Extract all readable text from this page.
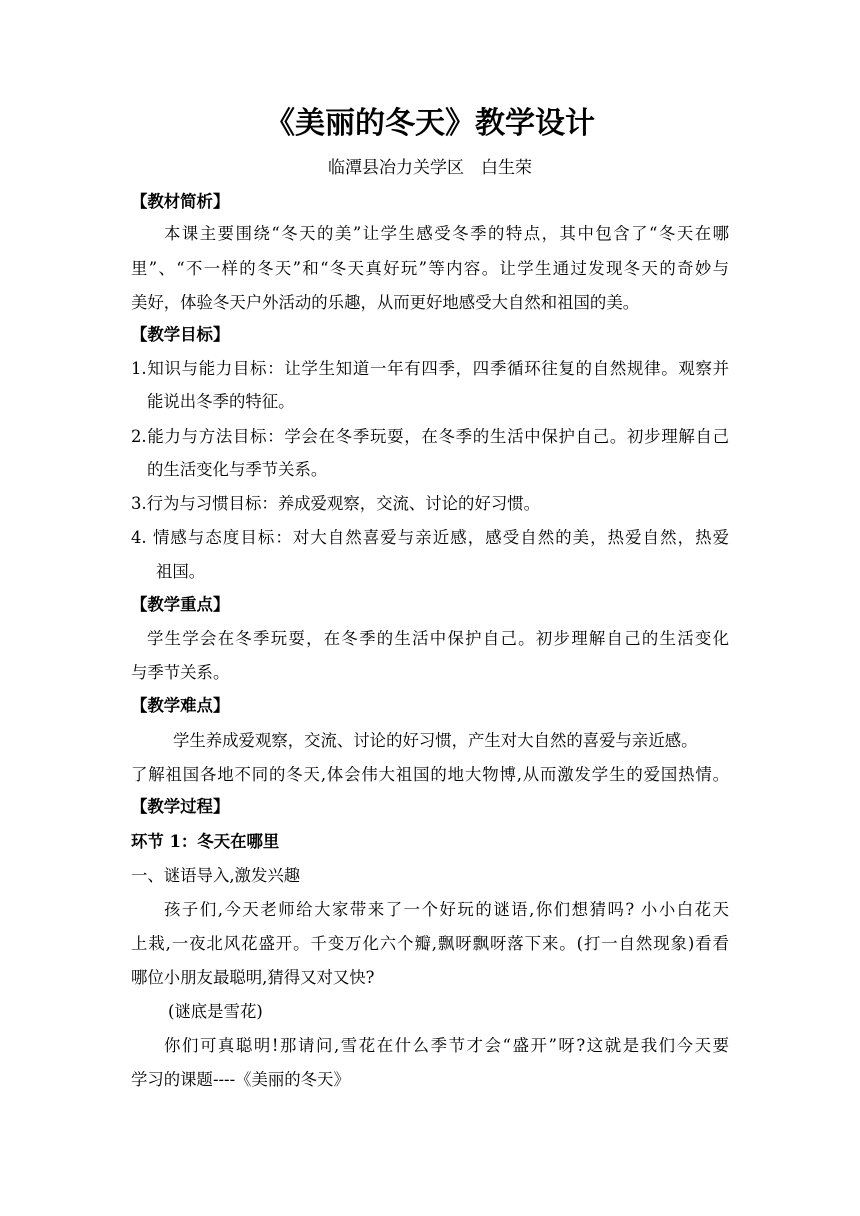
《美丽的冬天》教学设计
临潭县冶力关学区　白生荣
【教材简析】
本课主要围绕“冬天的美”让学生感受冬季的特点，其中包含了“冬天在哪
里”、“不一样的冬天”和“冬天真好玩”等内容。让学生通过发现冬天的奇妙与
美好，体验冬天户外活动的乐趣，从而更好地感受大自然和祖国的美。
【教学目标】
1.知识与能力目标：让学生知道一年有四季，四季循环往复的自然规律。观察并
能说出冬季的特征。
2.能力与方法目标：学会在冬季玩耍，在冬季的生活中保护自己。初步理解自己
的生活变化与季节关系。
3.行为与习惯目标：养成爱观察，交流、讨论的好习惯。
4. 情感与态度目标：对大自然喜爱与亲近感，感受自然的美，热爱自然，热爱
祖国。
【教学重点】
学生学会在冬季玩耍，在冬季的生活中保护自己。初步理解自己的生活变化
与季节关系。
【教学难点】
学生养成爱观察，交流、讨论的好习惯，产生对大自然的喜爱与亲近感。
了解祖国各地不同的冬天,体会伟大祖国的地大物博,从而激发学生的爱国热情。
【教学过程】
环节 1：冬天在哪里
一、谜语导入,激发兴趣
孩子们,今天老师给大家带来了一个好玩的谜语,你们想猜吗? 小小白花天
上栽,一夜北风花盛开。千变万化六个瓣,飘呀飘呀落下来。(打一自然现象)看看
哪位小朋友最聪明,猜得又对又快?
(谜底是雪花)
你们可真聪明!那请问,雪花在什么季节才会“盛开”呀?这就是我们今天要
学习的课题----《美丽的冬天》
